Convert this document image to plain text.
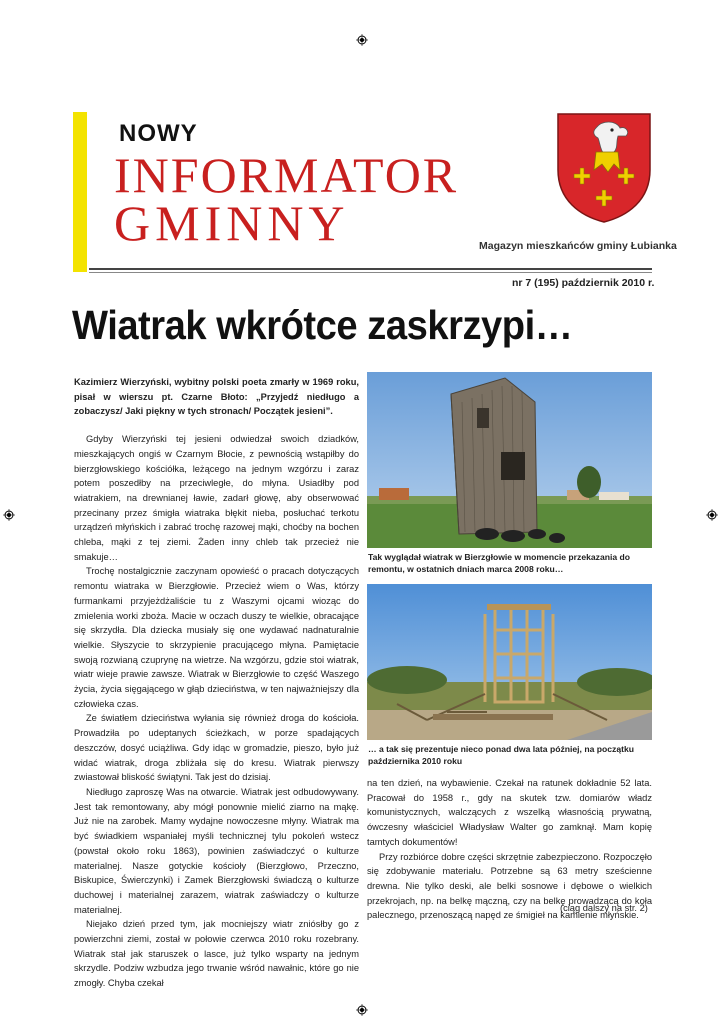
NOWY
INFORMATOR
GMINNY	Magazyn mieszkańców gminy Łubianka
nr 7 (195) październik 2010 r.
Wiatrak wkrótce zaskrzypi…

Kazimierz Wierzyński, wybitny polski poeta zmarły w 1969 roku, pisał w wierszu pt. Czarne Błoto: „Przyjedź niedługo a zobaczysz/ Jaki piękny w tych stronach/ Początek jesieni”.

Gdyby Wierzyński tej jesieni odwiedzał swoich dziadków, mieszkających ongiś w Czarnym Błocie, z pewnością wstąpiłby do bierzgłowskiego kościółka, leżącego na jednym wzgórzu i zaraz potem poszedłby na przeciwległe, do młyna. Usiadłby pod wiatrakiem, na drewnianej ławie, zadarł głowę, aby obserwować przecinany przez śmigła wiatraka błękit nieba, posłuchać terkotu urządzeń młyńskich i zabrać trochę razowej mąki, choćby na bochen chleba, mąki z tej ziemi. Żaden inny chleb tak przecież nie smakuje…

Trochę nostalgicznie zaczynam opowieść o pracach dotyczących remontu wiatraka w Bierzgłowie. Przecież wiem o Was, którzy furmankami przyjeżdżaliście tu z Waszymi ojcami wioząc do zmielenia worki zboża. Macie w oczach duszy te wielkie, obracające się skrzydła. Dla dziecka musiały się one wydawać nadnaturalnie wielkie. Słyszycie to skrzypienie pracującego młyna. Pamiętacie swoją rozwianą czuprynę na wietrze. Na wzgórzu, gdzie stoi wiatrak, wiatr wieje prawie zawsze. Wiatrak w Bierzgłowie to część Waszego życia, życia sięgającego w głąb dzieciństwa, w ten najważniejszy dla człowieka czas.

Ze światłem dzieciństwa wyłania się również droga do kościoła. Prowadziła po udeptanych ścieżkach, w porze spadających deszczów, dosyć uciążliwa. Gdy idąc w gromadzie, pieszo, było już widać wiatrak, droga zbliżała się do kresu. Wiatrak pierwszy zwiastował bliskość świątyni. Tak jest do dzisiaj.

Niedługo zaproszę Was na otwarcie. Wiatrak jest odbudowywany. Jest tak remontowany, aby mógł ponownie mielić ziarno na mąkę. Już nie na zarobek. Mamy wydajne nowoczesne młyny. Wiatrak ma być świadkiem wspaniałej myśli technicznej tylu pokoleń wstecz (powstał około roku 1863), powinien zaświadczyć o kulturze materialnej. Nasze gotyckie kościoły (Bierzgłowo, Przeczno, Biskupice, Świerczynki) i Zamek Bierzgłowski świadczą o kulturze duchowej i materialnej zarazem, wiatrak zaświadczy o kulturze materialnej.

Niejako dzień przed tym, jak mocniejszy wiatr zniósłby go z powierzchni ziemi, został w połowie czerwca 2010 roku rozebrany. Wiatrak stał jak staruszek o lasce, już tylko wsparty na jednym skrzydle. Podziw wzbudza jego trwanie wśród nawałnic, które go nie zmogły. Chyba czekał

Tak wyglądał wiatrak w Bierzgłowie w momencie przekazania do remontu, w ostatnich dniach marca 2008 roku…
… a tak się prezentuje nieco ponad dwa lata później, na początku października 2010 roku

na ten dzień, na wybawienie. Czekał na ratunek dokładnie 52 lata. Pracował do 1958 r., gdy na skutek tzw. domiarów władz komunistycznych, walczących z wszelką własnością prywatną, ówczesny właściciel Władysław Walter go zamknął. Mam kopię tamtych dokumentów!

Przy rozbiórce dobre części skrzętnie zabezpieczono. Rozpoczęło się zdobywanie materiału. Potrzebne są 63 metry sześcienne drewna. Nie tylko deski, ale belki sosnowe i dębowe o wielkich przekrojach, np. na belkę mączną, czy na belkę prowadzącą do koła palecznego, przenoszącą napęd ze śmigieł na kamienie młyńskie.

(ciąg dalszy na str. 2)
